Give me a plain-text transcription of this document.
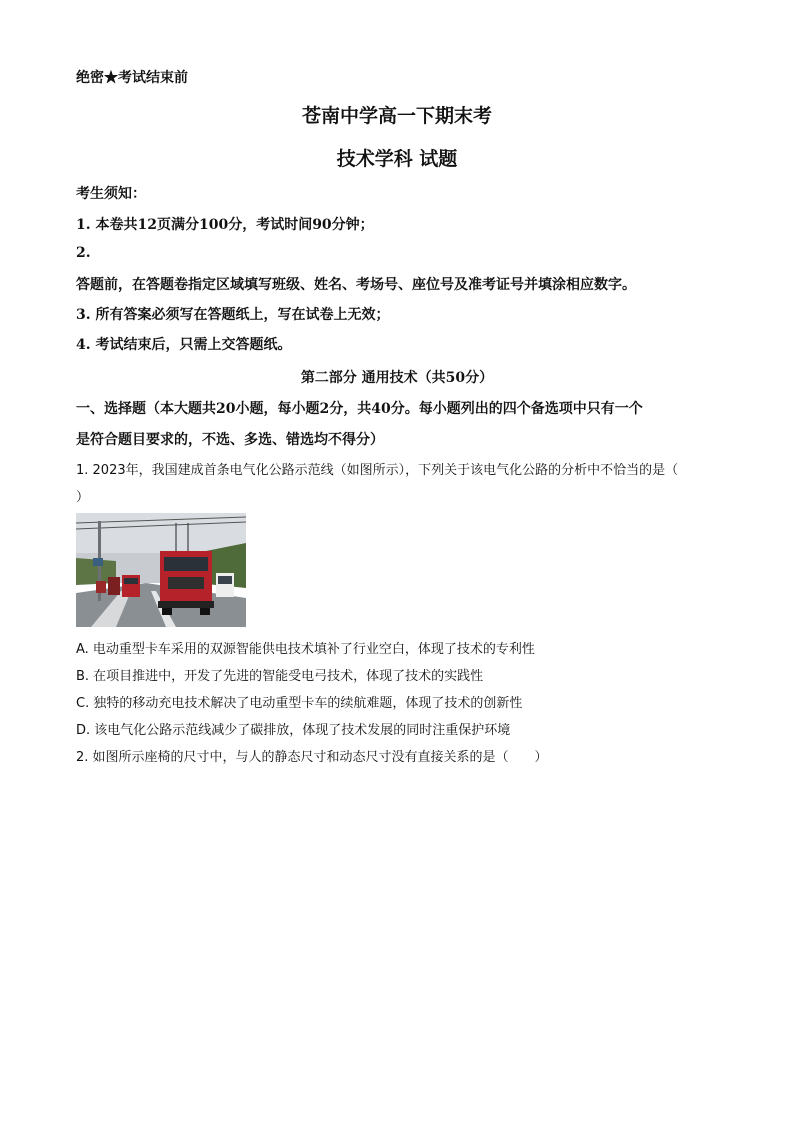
绝密★考试结束前
苍南中学高一下期末考
技术学科 试题
考生须知：
1. 本卷共12页满分100分，考试时间90分钟；
2.
答题前，在答题卷指定区域填写班级、姓名、考场号、座位号及准考证号并填涂相应数字。
3. 所有答案必须写在答题纸上，写在试卷上无效；
4. 考试结束后，只需上交答题纸。
第二部分 通用技术（共50分）
一、选择题（本大题共20小题，每小题2分，共40分。每小题列出的四个备选项中只有一个
是符合题目要求的，不选、多选、错选均不得分）
1. 2023年，我国建成首条电气化公路示范线（如图所示），下列关于该电气化公路的分析中不恰当的是（
）
A. 电动重型卡车采用的双源智能供电技术填补了行业空白，体现了技术的专利性
B. 在项目推进中，开发了先进的智能受电弓技术，体现了技术的实践性
C. 独特的移动充电技术解决了电动重型卡车的续航难题，体现了技术的创新性
D. 该电气化公路示范线减少了碳排放，体现了技术发展的同时注重保护环境
2. 如图所示座椅的尺寸中，与人的静态尺寸和动态尺寸没有直接关系的是（　　）
